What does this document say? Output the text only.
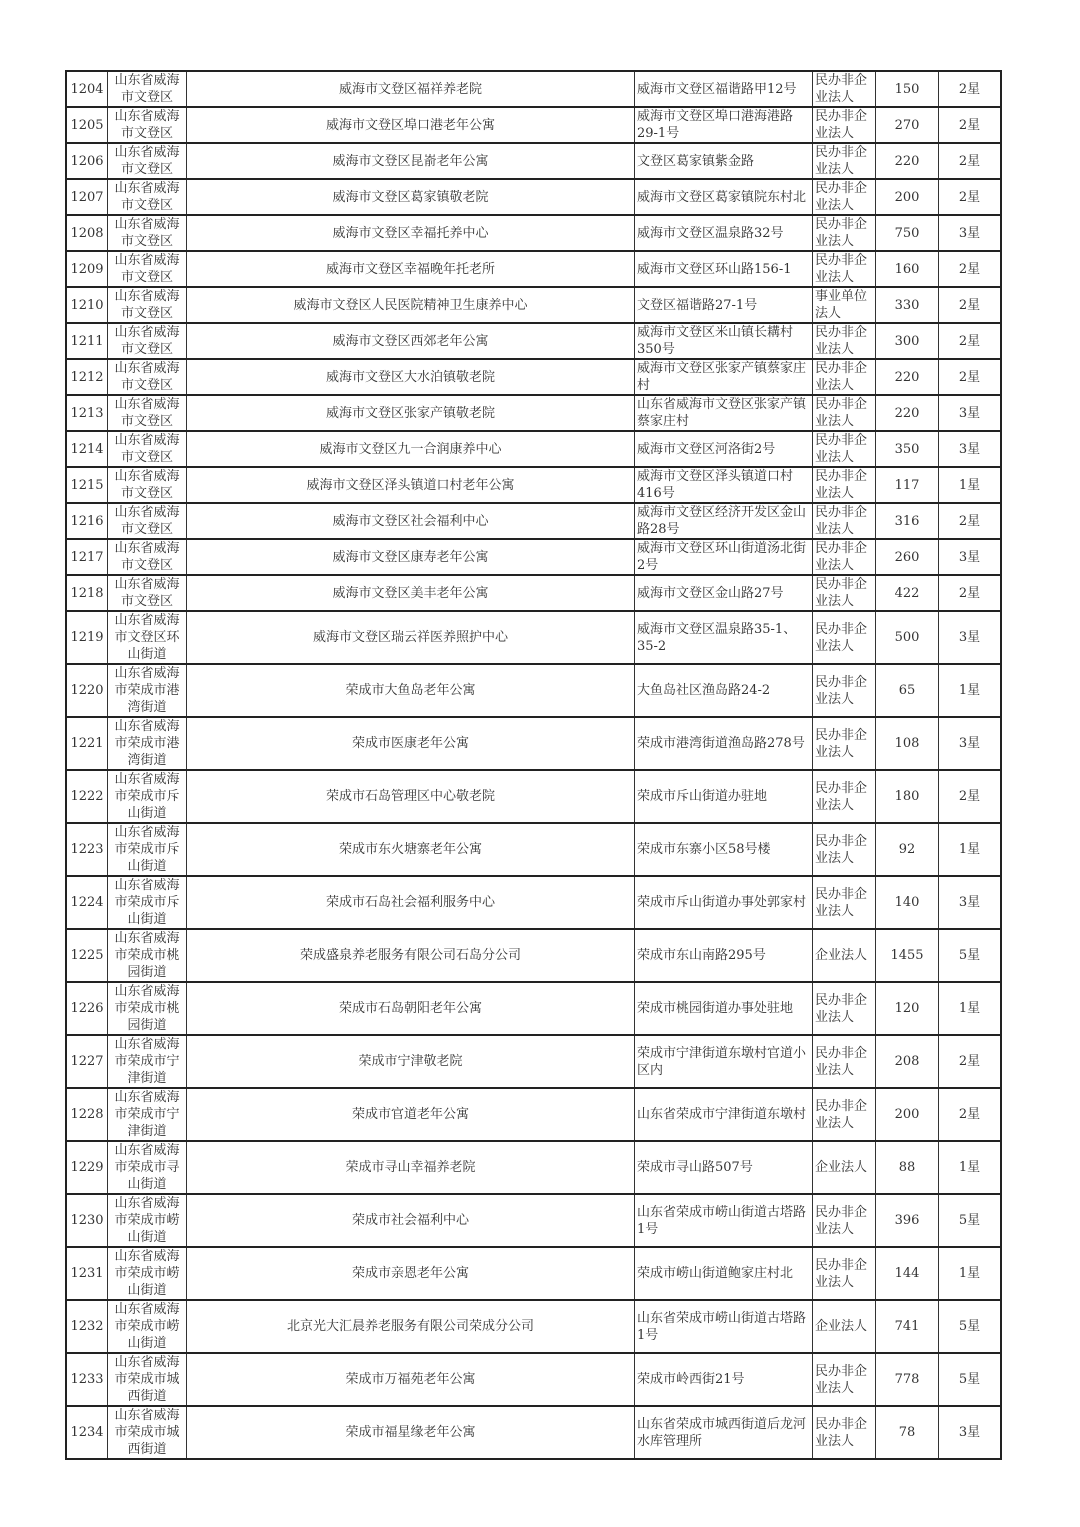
1204	山东省威海市文登区	威海市文登区福祥养老院	威海市文登区福谐路甲12号	民办非企业法人	150	2星
1205	山东省威海市文登区	威海市文登区埠口港老年公寓	威海市文登区埠口港海港路29-1号	民办非企业法人	270	2星
1206	山东省威海市文登区	威海市文登区昆嵛老年公寓	文登区葛家镇紫金路	民办非企业法人	220	2星
1207	山东省威海市文登区	威海市文登区葛家镇敬老院	威海市文登区葛家镇院东村北	民办非企业法人	200	2星
1208	山东省威海市文登区	威海市文登区幸福托养中心	威海市文登区温泉路32号	民办非企业法人	750	3星
1209	山东省威海市文登区	威海市文登区幸福晚年托老所	威海市文登区环山路156-1	民办非企业法人	160	2星
1210	山东省威海市文登区	威海市文登区人民医院精神卫生康养中心	文登区福谐路27-1号	事业单位法人	330	2星
1211	山东省威海市文登区	威海市文登区西郊老年公寓	威海市文登区米山镇长耩村350号	民办非企业法人	300	2星
1212	山东省威海市文登区	威海市文登区大水泊镇敬老院	威海市文登区张家产镇蔡家庄村	民办非企业法人	220	2星
1213	山东省威海市文登区	威海市文登区张家产镇敬老院	山东省威海市文登区张家产镇蔡家庄村	民办非企业法人	220	3星
1214	山东省威海市文登区	威海市文登区九一合润康养中心	威海市文登区河洛街2号	民办非企业法人	350	3星
1215	山东省威海市文登区	威海市文登区泽头镇道口村老年公寓	威海市文登区泽头镇道口村416号	民办非企业法人	117	1星
1216	山东省威海市文登区	威海市文登区社会福利中心	威海市文登区经济开发区金山路28号	民办非企业法人	316	2星
1217	山东省威海市文登区	威海市文登区康寿老年公寓	威海市文登区环山街道汤北街2号	民办非企业法人	260	3星
1218	山东省威海市文登区	威海市文登区美丰老年公寓	威海市文登区金山路27号	民办非企业法人	422	2星
1219	山东省威海市文登区环山街道	威海市文登区瑞云祥医养照护中心	威海市文登区温泉路35-1、35-2	民办非企业法人	500	3星
1220	山东省威海市荣成市港湾街道	荣成市大鱼岛老年公寓	大鱼岛社区渔岛路24-2	民办非企业法人	65	1星
1221	山东省威海市荣成市港湾街道	荣成市医康老年公寓	荣成市港湾街道渔岛路278号	民办非企业法人	108	3星
1222	山东省威海市荣成市斥山街道	荣成市石岛管理区中心敬老院	荣成市斥山街道办驻地	民办非企业法人	180	2星
1223	山东省威海市荣成市斥山街道	荣成市东火塘寨老年公寓	荣成市东寨小区58号楼	民办非企业法人	92	1星
1224	山东省威海市荣成市斥山街道	荣成市石岛社会福利服务中心	荣成市斥山街道办事处郭家村	民办非企业法人	140	3星
1225	山东省威海市荣成市桃园街道	荣成盛泉养老服务有限公司石岛分公司	荣成市东山南路295号	企业法人	1455	5星
1226	山东省威海市荣成市桃园街道	荣成市石岛朝阳老年公寓	荣成市桃园街道办事处驻地	民办非企业法人	120	1星
1227	山东省威海市荣成市宁津街道	荣成市宁津敬老院	荣成市宁津街道东墩村官道小区内	民办非企业法人	208	2星
1228	山东省威海市荣成市宁津街道	荣成市官道老年公寓	山东省荣成市宁津街道东墩村	民办非企业法人	200	2星
1229	山东省威海市荣成市寻山街道	荣成市寻山幸福养老院	荣成市寻山路507号	企业法人	88	1星
1230	山东省威海市荣成市崂山街道	荣成市社会福利中心	山东省荣成市崂山街道古塔路1号	民办非企业法人	396	5星
1231	山东省威海市荣成市崂山街道	荣成市亲恩老年公寓	荣成市崂山街道鲍家庄村北	民办非企业法人	144	1星
1232	山东省威海市荣成市崂山街道	北京光大汇晨养老服务有限公司荣成分公司	山东省荣成市崂山街道古塔路1号	企业法人	741	5星
1233	山东省威海市荣成市城西街道	荣成市万福苑老年公寓	荣成市岭西街21号	民办非企业法人	778	5星
1234	山东省威海市荣成市城西街道	荣成市福星缘老年公寓	山东省荣成市城西街道后龙河水库管理所	民办非企业法人	78	3星
